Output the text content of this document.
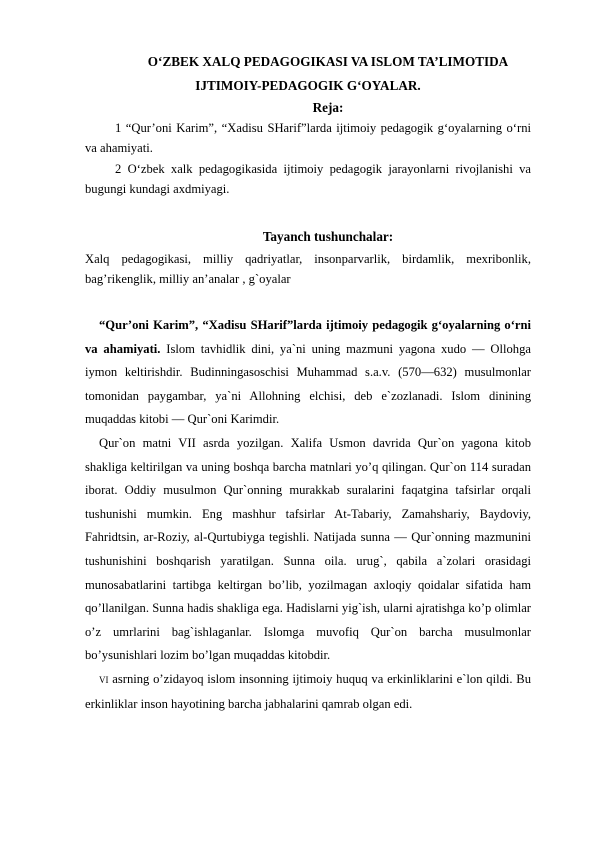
O‘ZBEK XALQ PEDAGOGIKASI VA ISLOM TA’LIMOTIDA

IJTIMOIY-PEDAGOGIK G‘OYALAR.

Reja:

1 “Qur’oni Karim”, “Xadisu SHarif”larda ijtimoiy pedagogik g‘oyalarning o‘rni va ahamiyati.

2 O‘zbek xalk pedagogikasida ijtimoiy pedagogik jarayonlarni rivojlanishi va bugungi kundagi axdmiyagi.

Tayanch tushunchalar:

Xalq pedagogikasi, milliy qadriyatlar, insonparvarlik, birdamlik, mexribonlik, bag’rikenglik, milliy an’analar , g`oyalar

“Qur’oni Karim”, “Xadisu SHarif”larda ijtimoiy pedagogik g‘oyalarning o‘rni va ahamiyati. Islom tavhidlik dini, ya`ni uning mazmuni yagona xudo — Ollohga iymon keltirishdir. Budinningasoschisi Muhammad s.a.v. (570—632) musulmonlar tomonidan paygambar, ya`ni Allohning elchisi, deb e`zozlanadi. Islom dinining muqaddas kitobi — Qur`oni Karimdir.

Qur`on matni VII asrda yozilgan. Xalifa Usmon davrida Qur`on yagona kitob shakliga keltirilgan va uning boshqa barcha matnlari yo’q qilingan. Qur`on 114 suradan iborat. Oddiy musulmon Qur`onning murakkab suralarini faqatgina tafsirlar orqali tushunishi mumkin. Eng mashhur tafsirlar At-Tabariy, Zamahshariy, Baydoviy, Fahridtsin, ar-Roziy, al-Qurtubiyga tegishli. Natijada sunna — Qur`onning mazmunini tushunishini boshqarish yaratilgan. Sunna oila. urug`, qabila a`zolari orasidagi munosabatlarini tartibga keltirgan bo’lib, yozilmagan axloqiy qoidalar sifatida ham qo’llanilgan. Sunna hadis shakliga ega. Hadislarni yig`ish, ularni ajratishga ko’p olimlar o’z umrlarini bag`ishlaganlar. Islomga muvofiq Qur`on barcha musulmonlar bo’ysunishlari lozim bo’lgan muqaddas kitobdir.

VI asrning o’zidayoq islom insonning ijtimoiy huquq va erkinliklarini e`lon qildi. Bu erkinliklar inson hayotining barcha jabhalarini qamrab olgan edi.
